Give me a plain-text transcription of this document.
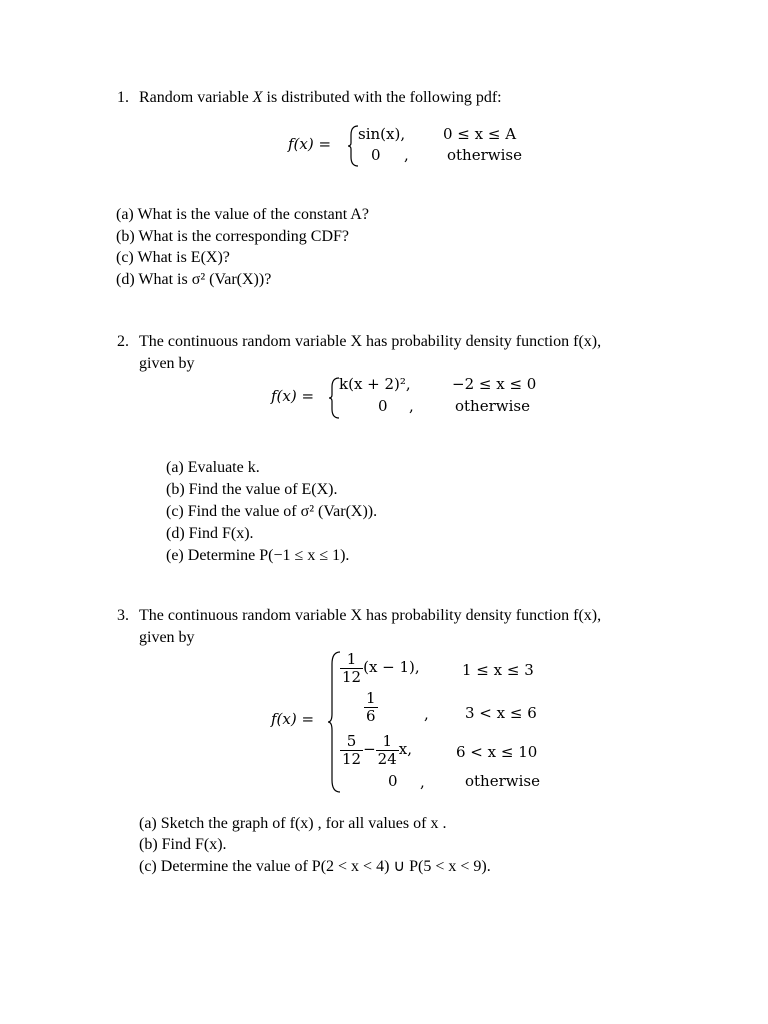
1. Random variable X is distributed with the following pdf:
f(x) =
sin(x),	0 ≤ x ≤ A
0 ,	otherwise
(a) What is the value of the constant A?
(b) What is the corresponding CDF?
(c) What is E(X)?
(d) What is σ² (Var(X))?
2. The continuous random variable X has probability density function f(x),
given by
f(x) =
k(x + 2)²,	−2 ≤ x ≤ 0
0 ,	otherwise
(a) Evaluate k.
(b) Find the value of E(X).
(c) Find the value of σ² (Var(X)).
(d) Find F(x).
(e) Determine P(−1 ≤ x ≤ 1).
3. The continuous random variable X has probability density function f(x),
given by
f(x) =
$\frac{1}{12} (x - 1)$,	1 ≤ x ≤ 3
$\frac{1}{6}$	, 3 < x ≤ 6
$\frac{5}{12} - \frac{1}{24} x$,	6 < x ≤ 10
0 ,	otherwise
(a) Sketch the graph of f(x) , for all values of x .
(b) Find F(x).
(c) Determine the value of P(2 < x < 4) ∪ P(5 < x < 9).
